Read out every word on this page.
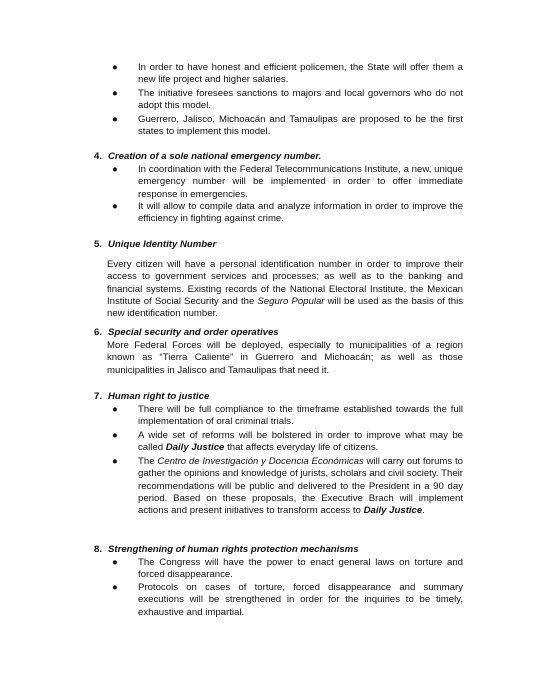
●	In order to have honest and efficient policemen, the State will offer them a new life project and higher salaries.
●	The initiative foresees sanctions to majors and local governors who do not adopt this model.
●	Guerrero, Jalisco, Michoacán and Tamaulipas are proposed to be the first states to implement this model.
4. Creation of a sole national emergency number.
●	In coordination with the Federal Telecommunications Institute, a new, unique emergency number will be implemented in order to offer immediate response in emergencies.
●	It will allow to compile data and analyze information in order to improve the efficiency in fighting against crime.
5. Unique Identity Number
Every citizen will have a personal identification number in order to improve their access to government services and processes; as well as to the banking and financial systems. Existing records of the National Electoral Institute, the Mexican Institute of Social Security and the Seguro Popular will be used as the basis of this new identification number.
6. Special security and order operatives
More Federal Forces will be deployed, especially to municipalities of a region known as “Tierra Caliente” in Guerrero and Michoacán; as well as those municipalities in Jalisco and Tamaulipas that need it.
7. Human right to justice
●	There will be full compliance to the timeframe established towards the full implementation of oral criminal trials.
●	A wide set of reforms will be bolstered in order to improve what may be called Daily Justice that affects everyday life of citizens.
●	The Centro de Investigación y Docencia Económicas will carry out forums to gather the opinions and knowledge of jurists, scholars and civil society. Their recommendations will be public and delivered to the President in a 90 day period. Based on these proposals, the Executive Brach will implement actions and present initiatives to transform access to Daily Justice.
8. Strengthening of human rights protection mechanisms
●	The Congress will have the power to enact general laws on torture and forced disappearance.
●	Protocols on cases of torture, forced disappearance and summary executions will be strengthened in order for the inquiries to be timely, exhaustive and impartial.
